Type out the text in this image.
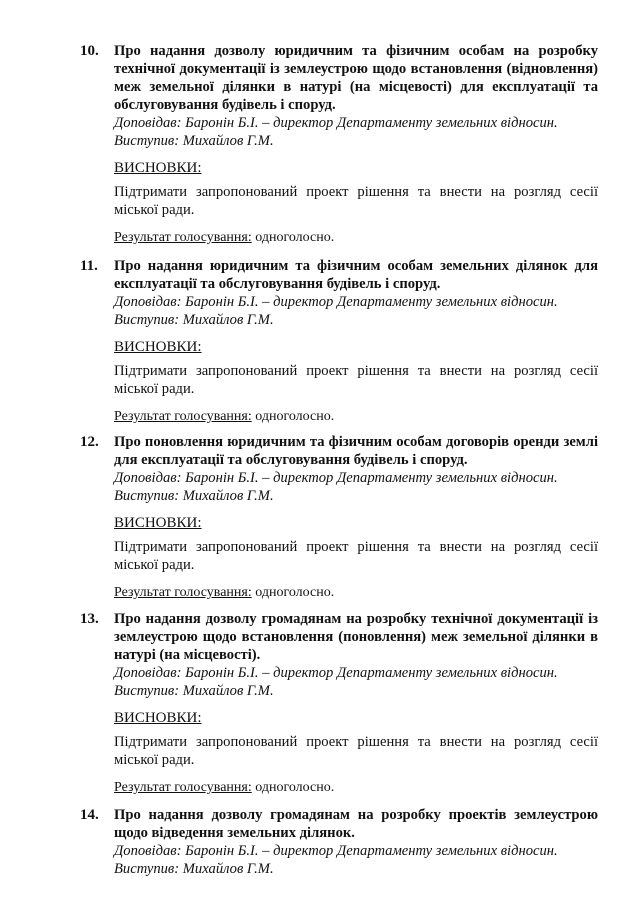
10.	Про надання дозволу юридичним та фізичним особам на розробку технічної документації із землеустрою щодо встановлення (відновлення) меж земельної ділянки в натурі (на місцевості) для експлуатації та обслуговування будівель і споруд.

Доповідав: Баронін Б.І. – директор Департаменту земельних відносин.
Виступив: Михайлов Г.М.
ВИСНОВКИ:
Підтримати запропонований проект рішення та внести на розгляд сесії міської ради.
Результат голосування: одноголосно.
11.	Про надання юридичним та фізичним особам земельних ділянок для експлуатації та обслуговування будівель і споруд.

Доповідав: Баронін Б.І. – директор Департаменту земельних відносин.
Виступив: Михайлов Г.М.
ВИСНОВКИ:
Підтримати запропонований проект рішення та внести на розгляд сесії міської ради.
Результат голосування: одноголосно.
12.	Про поновлення юридичним та фізичним особам договорів оренди землі для експлуатації та обслуговування будівель і споруд.

Доповідав: Баронін Б.І. – директор Департаменту земельних відносин.
Виступив: Михайлов Г.М.
ВИСНОВКИ:
Підтримати запропонований проект рішення та внести на розгляд сесії міської ради.
Результат голосування: одноголосно.
13.	Про надання дозволу громадянам на розробку технічної документації із землеустрою щодо встановлення (поновлення) меж земельної ділянки в натурі (на місцевості).

Доповідав: Баронін Б.І. – директор Департаменту земельних відносин.
Виступив: Михайлов Г.М.
ВИСНОВКИ:
Підтримати запропонований проект рішення та внести на розгляд сесії міської ради.
Результат голосування: одноголосно.
14.	Про надання дозволу громадянам на розробку проектів землеустрою щодо відведення земельних ділянок.

Доповідав: Баронін Б.І. – директор Департаменту земельних відносин.
Виступив: Михайлов Г.М.
